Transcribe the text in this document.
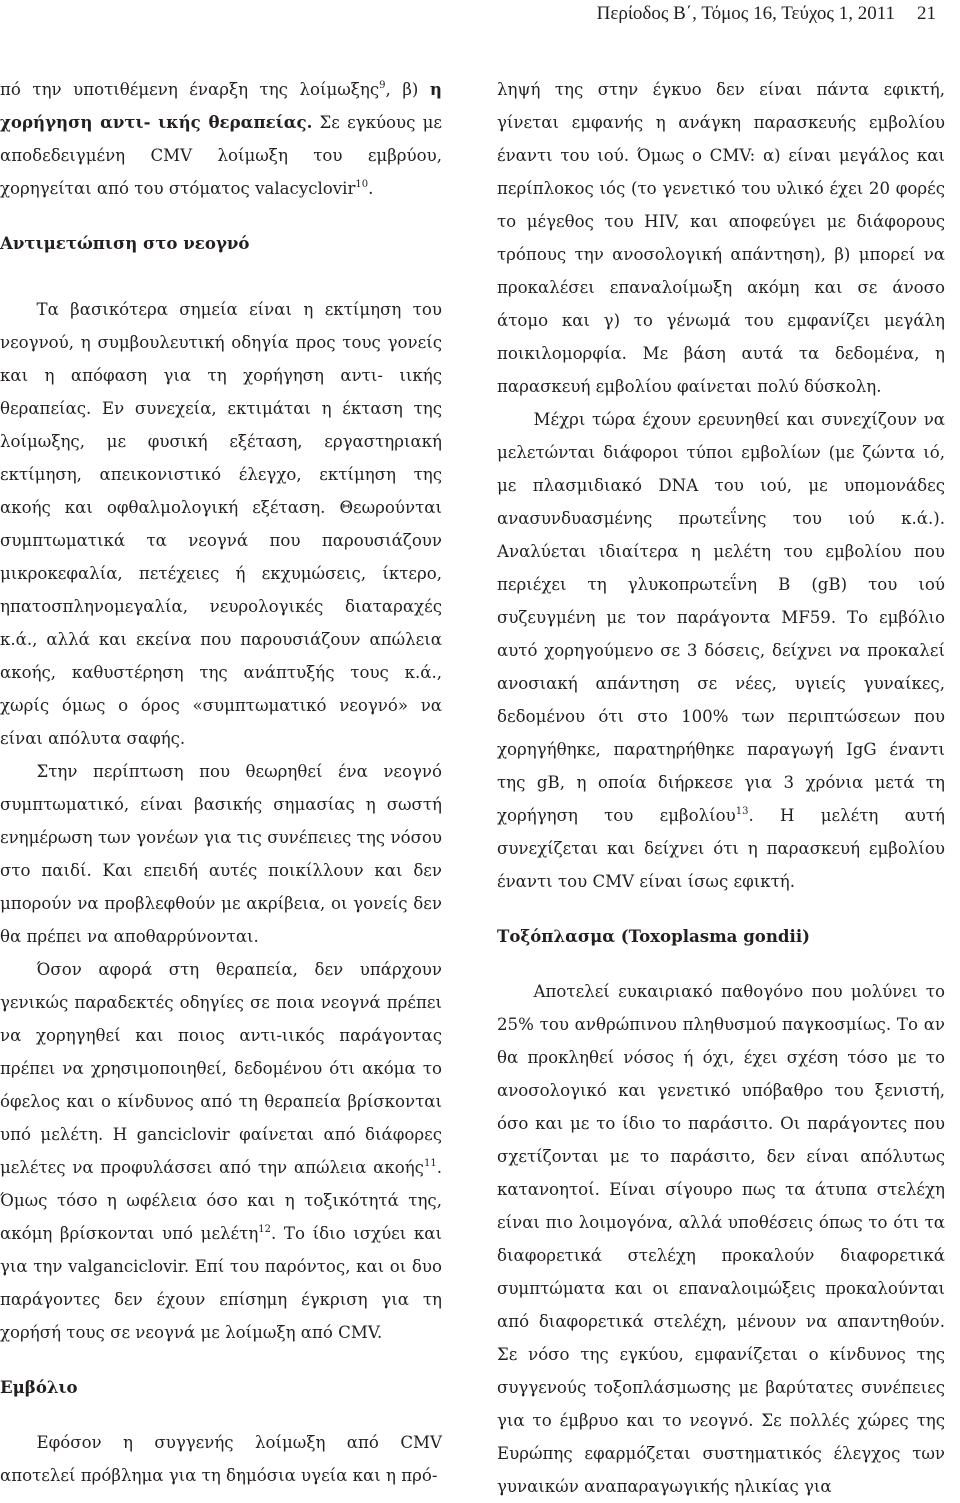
Περίοδος Β΄, Τόμος 16, Τεύχος 1, 2011 21

πό την υποτιθέμενη έναρξη της λοίμωξης$^9$, β) η χορήγηση αντι- ικής θεραπείας. Σε εγκύους με αποδεδειγμένη CMV λοίμωξη του εμβρύου, χορηγείται από του στόματος valacyclovir$^{10}$.

Αντιμετώπιση στο νεογνό

Τα βασικότερα σημεία είναι η εκτίμηση του νεογνού, η συμβουλευτική οδηγία προς τους γονείς και η απόφαση για τη χορήγηση αντι- ιικής θεραπείας. Εν συνεχεία, εκτιμάται η έκταση της λοίμωξης, με φυσική εξέταση, εργαστηριακή εκτίμηση, απεικονιστικό έλεγχο, εκτίμηση της ακοής και οφθαλμολογική εξέταση. Θεωρούνται συμπτωματικά τα νεογνά που παρουσιάζουν μικροκεφαλία, πετέχειες ή εκχυμώσεις, ίκτερο, ηπατοσπληνομεγαλία, νευρολογικές διαταραχές κ.ά., αλλά και εκείνα που παρουσιάζουν απώλεια ακοής, καθυστέρηση της ανάπτυξής τους κ.ά., χωρίς όμως ο όρος «συμπτωματικό νεογνό» να είναι απόλυτα σαφής.

Στην περίπτωση που θεωρηθεί ένα νεογνό συμπτωματικό, είναι βασικής σημασίας η σωστή ενημέρωση των γονέων για τις συνέπειες της νόσου στο παιδί. Και επειδή αυτές ποικίλλουν και δεν μπορούν να προβλεφθούν με ακρίβεια, οι γονείς δεν θα πρέπει να αποθαρρύνονται.

Όσον αφορά στη θεραπεία, δεν υπάρχουν γενικώς παραδεκτές οδηγίες σε ποια νεογνά πρέπει να χορηγηθεί και ποιος αντι-ιικός παράγοντας πρέπει να χρησιμοποιηθεί, δεδομένου ότι ακόμα το όφελος και ο κίνδυνος από τη θεραπεία βρίσκονται υπό μελέτη. Η ganciclovir φαίνεται από διάφορες μελέτες να προφυλάσσει από την απώλεια ακοής$^{11}$. Όμως τόσο η ωφέλεια όσο και η τοξικότητά της, ακόμη βρίσκονται υπό μελέτη$^{12}$. Το ίδιο ισχύει και για την valganciclovir. Επί του παρόντος, και οι δυο παράγοντες δεν έχουν επίσημη έγκριση για τη χορήσή τους σε νεογνά με λοίμωξη από CMV.

Εμβόλιο

Εφόσον η συγγενής λοίμωξη από CMV αποτελεί πρόβλημα για τη δημόσια υγεία και η πρό-

ληψή της στην έγκυο δεν είναι πάντα εφικτή, γίνεται εμφανής η ανάγκη παρασκευής εμβολίου έναντι του ιού. Όμως ο CMV: α) είναι μεγάλος και περίπλοκος ιός (το γενετικό του υλικό έχει 20 φορές το μέγεθος του HIV, και αποφεύγει με διάφορους τρόπους την ανοσολογική απάντηση), β) μπορεί να προκαλέσει επαναλοίμωξη ακόμη και σε άνοσο άτομο και γ) το γένωμά του εμφανίζει μεγάλη ποικιλομορφία. Με βάση αυτά τα δεδομένα, η παρασκευή εμβολίου φαίνεται πολύ δύσκολη.

Μέχρι τώρα έχουν ερευνηθεί και συνεχίζουν να μελετώνται διάφοροι τύποι εμβολίων (με ζώντα ιό, με πλασμιδιακό DNA του ιού, με υπομονάδες ανασυνδυασμένης πρωτεΐνης του ιού κ.ά.). Αναλύεται ιδιαίτερα η μελέτη του εμβολίου που περιέχει τη γλυκοπρωτεΐνη B (gB) του ιού συζευγμένη με τον παράγοντα MF59. Το εμβόλιο αυτό χορηγούμενο σε 3 δόσεις, δείχνει να προκαλεί ανοσιακή απάντηση σε νέες, υγιείς γυναίκες, δεδομένου ότι στο 100% των περιπτώσεων που χορηγήθηκε, παρατηρήθηκε παραγωγή IgG έναντι της gB, η οποία διήρκεσε για 3 χρόνια μετά τη χορήγηση του εμβολίου$^{13}$. Η μελέτη αυτή συνεχίζεται και δείχνει ότι η παρασκευή εμβολίου έναντι του CMV είναι ίσως εφικτή.

Τοξόπλασμα (Toxoplasma gondii)

Αποτελεί ευκαιριακό παθογόνο που μολύνει το 25% του ανθρώπινου πληθυσμού παγκοσμίως. Το αν θα προκληθεί νόσος ή όχι, έχει σχέση τόσο με το ανοσολογικό και γενετικό υπόβαθρο του ξενιστή, όσο και με το ίδιο το παράσιτο. Οι παράγοντες που σχετίζονται με το παράσιτο, δεν είναι απόλυτως κατανοητοί. Είναι σίγουρο πως τα άτυπα στελέχη είναι πιο λοιμογόνα, αλλά υποθέσεις όπως το ότι τα διαφορετικά στελέχη προκαλούν διαφορετικά συμπτώματα και οι επαναλοιμώξεις προκαλούνται από διαφορετικά στελέχη, μένουν να απαντηθούν. Σε νόσο της εγκύου, εμφανίζεται ο κίνδυνος της συγγενούς τοξοπλάσμωσης με βαρύτατες συνέπειες για το έμβρυο και το νεογνό. Σε πολλές χώρες της Ευρώπης εφαρμόζεται συστηματικός έλεγχος των γυναικών αναπαραγωγικής ηλικίας για
